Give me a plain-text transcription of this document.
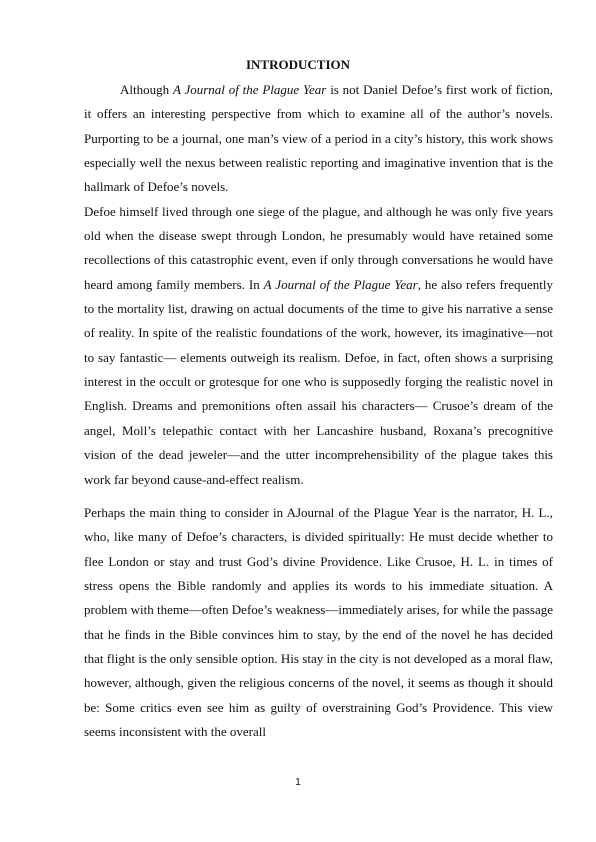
INTRODUCTION

Although A Journal of the Plague Year is not Daniel Defoe’s first work of fiction, it offers an interesting perspective from which to examine all of the author’s novels. Purporting to be a journal, one man’s view of a period in a city’s history, this work shows especially well the nexus between realistic reporting and imaginative invention that is the hallmark of Defoe’s novels.

Defoe himself lived through one siege of the plague, and although he was only five years old when the disease swept through London, he presumably would have retained some recollections of this catastrophic event, even if only through conversations he would have heard among family members. In A Journal of the Plague Year, he also refers frequently to the mortality list, drawing on actual documents of the time to give his narrative a sense of reality. In spite of the realistic foundations of the work, however, its imaginative—not to say fantastic— elements outweigh its realism. Defoe, in fact, often shows a surprising interest in the occult or grotesque for one who is supposedly forging the realistic novel in English. Dreams and premonitions often assail his characters— Crusoe’s dream of the angel, Moll’s telepathic contact with her Lancashire husband, Roxana’s precognitive vision of the dead jeweler—and the utter incomprehensibility of the plague takes this work far beyond cause-and-effect realism.

Perhaps the main thing to consider in AJournal of the Plague Year is the narrator, H. L., who, like many of Defoe’s characters, is divided spiritually: He must decide whether to flee London or stay and trust God’s divine Providence. Like Crusoe, H. L. in times of stress opens the Bible randomly and applies its words to his immediate situation. A problem with theme—often Defoe’s weakness—immediately arises, for while the passage that he finds in the Bible convinces him to stay, by the end of the novel he has decided that flight is the only sensible option. His stay in the city is not developed as a moral flaw, however, although, given the religious concerns of the novel, it seems as though it should be: Some critics even see him as guilty of overstraining God’s Providence. This view seems inconsistent with the overall

1
